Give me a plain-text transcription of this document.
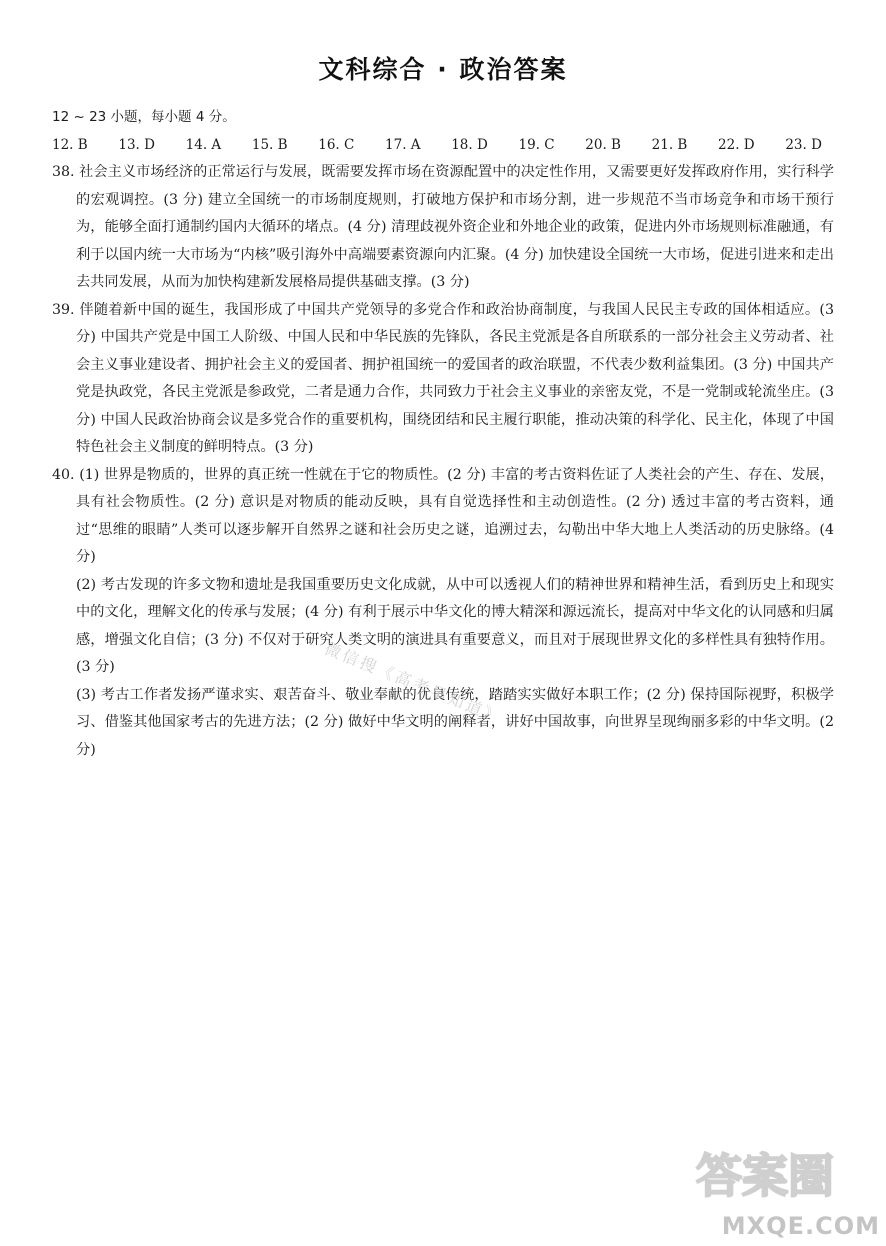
文科综合 · 政治答案

12 ~ 23 小题，每小题 4 分。

12. B 13. D 14. A 15. B 16. C 17. A 18. D 19. C 20. B 21. B 22. D 23. D

38. 社会主义市场经济的正常运行与发展，既需要发挥市场在资源配置中的决定性作用，又需要更好发挥政府作用，实行科学的宏观调控。(3 分) 建立全国统一的市场制度规则，打破地方保护和市场分割，进一步规范不当市场竞争和市场干预行为，能够全面打通制约国内大循环的堵点。(4 分) 清理歧视外资企业和外地企业的政策，促进内外市场规则标准融通，有利于以国内统一大市场为“内核”吸引海外中高端要素资源向内汇聚。(4 分) 加快建设全国统一大市场，促进引进来和走出去共同发展，从而为加快构建新发展格局提供基础支撑。(3 分)

39. 伴随着新中国的诞生，我国形成了中国共产党领导的多党合作和政治协商制度，与我国人民民主专政的国体相适应。(3 分) 中国共产党是中国工人阶级、中国人民和中华民族的先锋队，各民主党派是各自所联系的一部分社会主义劳动者、社会主义事业建设者、拥护社会主义的爱国者、拥护祖国统一的爱国者的政治联盟，不代表少数利益集团。(3 分) 中国共产党是执政党，各民主党派是参政党，二者是通力合作，共同致力于社会主义事业的亲密友党，不是一党制或轮流坐庄。(3 分) 中国人民政治协商会议是多党合作的重要机构，围绕团结和民主履行职能，推动决策的科学化、民主化，体现了中国特色社会主义制度的鲜明特点。(3 分)

40. (1) 世界是物质的，世界的真正统一性就在于它的物质性。(2 分) 丰富的考古资料佐证了人类社会的产生、存在、发展，具有社会物质性。(2 分) 意识是对物质的能动反映，具有自觉选择性和主动创造性。(2 分) 透过丰富的考古资料，通过“思维的眼睛”人类可以逐步解开自然界之谜和社会历史之谜，追溯过去，勾勒出中华大地上人类活动的历史脉络。(4 分)

(2) 考古发现的许多文物和遗址是我国重要历史文化成就，从中可以透视人们的精神世界和精神生活，看到历史上和现实中的文化，理解文化的传承与发展；(4 分) 有利于展示中华文化的博大精深和源远流长，提高对中华文化的认同感和归属感，增强文化自信；(3 分) 不仅对于研究人类文明的演进具有重要意义，而且对于展现世界文化的多样性具有独特作用。(3 分)

(3) 考古工作者发扬严谨求实、艰苦奋斗、敬业奉献的优良传统，踏踏实实做好本职工作；(2 分) 保持国际视野，积极学习、借鉴其他国家考古的先进方法；(2 分) 做好中华文明的阐释者，讲好中国故事，向世界呈现绚丽多彩的中华文明。(2 分)

微信搜《高考早知道》
答案圈
MXQE.COM
